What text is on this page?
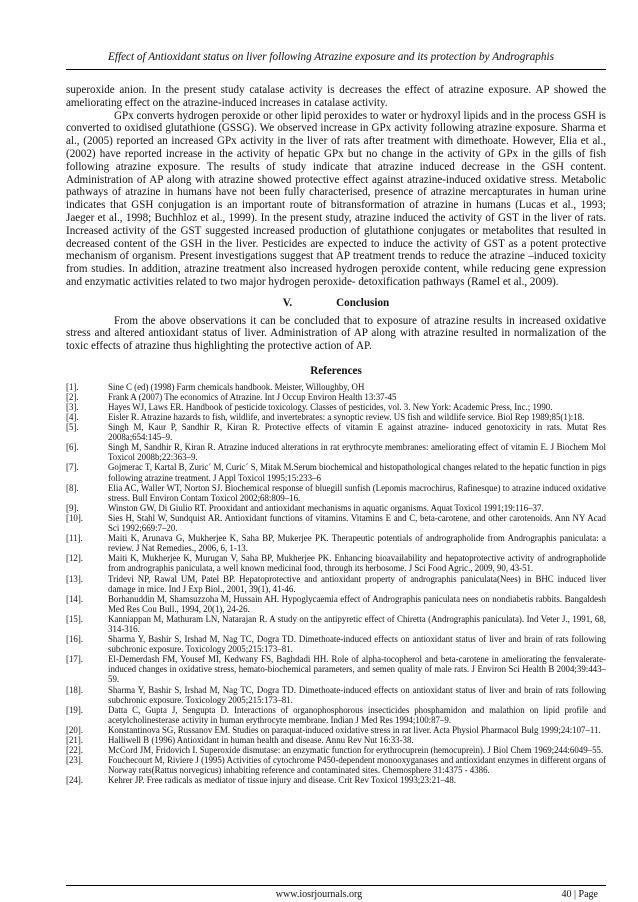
Effect of Antioxidant status on liver following Atrazine exposure and its protection by Andrographis

superoxide anion. In the present study catalase activity is decreases the effect of atrazine exposure. AP showed the ameliorating effect on the atrazine-induced increases in catalase activity.

GPx converts hydrogen peroxide or other lipid peroxides to water or hydroxyl lipids and in the process GSH is converted to oxidised glutathione (GSSG). We observed increase in GPx activity following atrazine exposure. Sharma et al., (2005) reported an increased GPx activity in the liver of rats after treatment with dimethoate. However, Elia et al., (2002) have reported increase in the activity of hepatic GPx but no change in the activity of GPx in the gills of fish following atrazine exposure. The results of study indicate that atrazine induced decrease in the GSH content. Administration of AP along with atrazine showed protective effect against atrazine-induced oxidative stress. Metabolic pathways of atrazine in humans have not been fully characterised, presence of atrazine mercapturates in human urine indicates that GSH conjugation is an important route of bitransformation of atrazine in humans (Lucas et al., 1993; Jaeger et al., 1998; Buchhloz et al., 1999). In the present study, atrazine induced the activity of GST in the liver of rats. Increased activity of the GST suggested increased production of glutathione conjugates or metabolites that resulted in decreased content of the GSH in the liver. Pesticides are expected to induce the activity of GST as a potent protective mechanism of organism. Present investigations suggest that AP treatment trends to reduce the atrazine –induced toxicity from studies. In addition, atrazine treatment also increased hydrogen peroxide content, while reducing gene expression and enzymatic activities related to two major hydrogen peroxide- detoxification pathways (Ramel et al., 2009).

V.	Conclusion

From the above observations it can be concluded that to exposure of atrazine results in increased oxidative stress and altered antioxidant status of liver. Administration of AP along with atrazine resulted in normalization of the toxic effects of atrazine thus highlighting the protective action of AP.

References
[1].	Sine C (ed) (1998) Farm chemicals handbook. Meister, Willoughby, OH
[2].	Frank A (2007) The economics of Atrazine. Int J Occup Environ Health 13:37-45
[3].	Hayes WJ, Laws ER. Handbook of pesticide toxicology. Classes of pesticides, vol. 3. New York: Academic Press, Inc.; 1990.
[4].	Eisler R. Atrazine hazards to fish, wildlife, and invertebrates: a synoptic review. US fish and wildlife service. Biol Rep 1989;85(1):18.
[5].	Singh M, Kaur P, Sandhir R, Kiran R. Protective effects of vitamin E against atrazine- induced genotoxicity in rats. Mutat Res 2008a;654:145–9.
[6].	Singh M, Sandhir R, Kiran R. Atrazine induced alterations in rat erythrocyte membranes: ameliorating effect of vitamin E. J Biochem Mol Toxicol 2008b;22:363–9.
[7].	Gojmerac T, Kartal B, Zuric´ M, Curic´ S, Mitak M.Serum biochemical and histopathological changes related to the hepatic function in pigs following atrazine treatment. J Appl Toxicol 1995;15:233–6
[8].	Elia AC, Waller WT, Norton SJ. Biochemical response of bluegill sunfish (Lepomis macrochirus, Rafinesque) to atrazine induced oxidative stress. Bull Environ Contam Toxicol 2002;68:809–16.
[9].	Winston GW, Di Giulio RT. Prooxidant and antioxidant mechanisms in aquatic organisms. Aquat Toxicol 1991;19:116–37.
[10].	Sies H, Stahl W, Sundquist AR. Antioxidant functions of vitamins. Vitamins E and C, beta-carotene, and other carotenoids. Ann NY Acad Sci 1992;669:7–20.
[11].	Maiti K, Arunava G, Mukherjee K, Saha BP, Mukerjee PK. Therapeutic potentials of andrographolide from Andrographis paniculata: a review. J Nat Remedies., 2006, 6, 1-13.
[12].	Maiti K, Mukherjee K, Murugan V, Saha BP, Mukherjee PK. Enhancing bioavailability and hepatoprotective activity of andrographolide from andrographis paniculata, a well known medicinal food, through its herbosome. J Sci Food Agric., 2009, 90, 43-51.
[13].	Tridevi NP, Rawal UM, Patel BP. Hepatoprotective and antioxidant property of andrographis paniculata(Nees) in BHC induced liver damage in mice. Ind J Exp Biol., 2001, 39(1), 41-46.
[14].	Borhanuddin M, Shamsuzzoha M, Hussain AH. Hypoglycaemia effect of Andrographis paniculata nees on nondiabetis rabbits. Bangaldesh Med Res Cou Bull., 1994, 20(1), 24-26.
[15].	Kanniappan M, Mathuram LN, Natarajan R. A study on the antipyretic effect of Chiretta (Andrographis paniculata). Ind Veter J., 1991, 68, 314-316.
[16].	Sharma Y, Bashir S, Irshad M, Nag TC, Dogra TD. Dimethoate-induced effects on antioxidant status of liver and brain of rats following subchronic exposure. Toxicology 2005;215:173–81.
[17].	El-Demerdash FM, Yousef MI, Kedwany FS, Baghdadi HH. Role of alpha-tocopherol and beta-carotene in ameliorating the fenvalerate-induced changes in oxidative stress, hemato-biochemical parameters, and semen quality of male rats. J Environ Sci Health B 2004;39:443–59.
[18].	Sharma Y, Bashir S, Irshad M, Nag TC, Dogra TD. Dimethoate-induced effects on antioxidant status of liver and brain of rats following subchronic exposure. Toxicology 2005;215:173–81.
[19].	Datta C, Gupta J, Sengupta D. Interactions of organophosphorous insecticides phosphamidon and malathion on lipid profile and acetylcholinesterase activity in human erythrocyte membrane. Indian J Med Res 1994;100:87–9.
[20].	Konstantinova SG, Russanov EM. Studies on paraquat-induced oxidative stress in rat liver. Acta Physiol Pharmacol Bulg 1999;24:107–11.
[21].	Halliwell B (1996) Antioxidant in human health and disease. Annu Rev Nut 16:33-38.
[22].	McCord JM, Fridovich I. Superoxide dismutase: an enzymatic function for erythrocuprein (hemocuprein). J Biol Chem 1969;244:6049–55.
[23].	Fouchecourt M, Riviere J (1995) Activities of cytochrome P450-dependent monooxyganases and antioxidant enzymes in different organs of Norway rats(Rattus norvegicus) inhabiting reference and contaminated sites. Chemosphere 31:4375 - 4386.
[24].	Kehrer JP. Free radicals as mediator of tissue injury and disease. Crit Rev Toxicol 1993;23:21–48.
www.iosrjournals.org	40 | Page
